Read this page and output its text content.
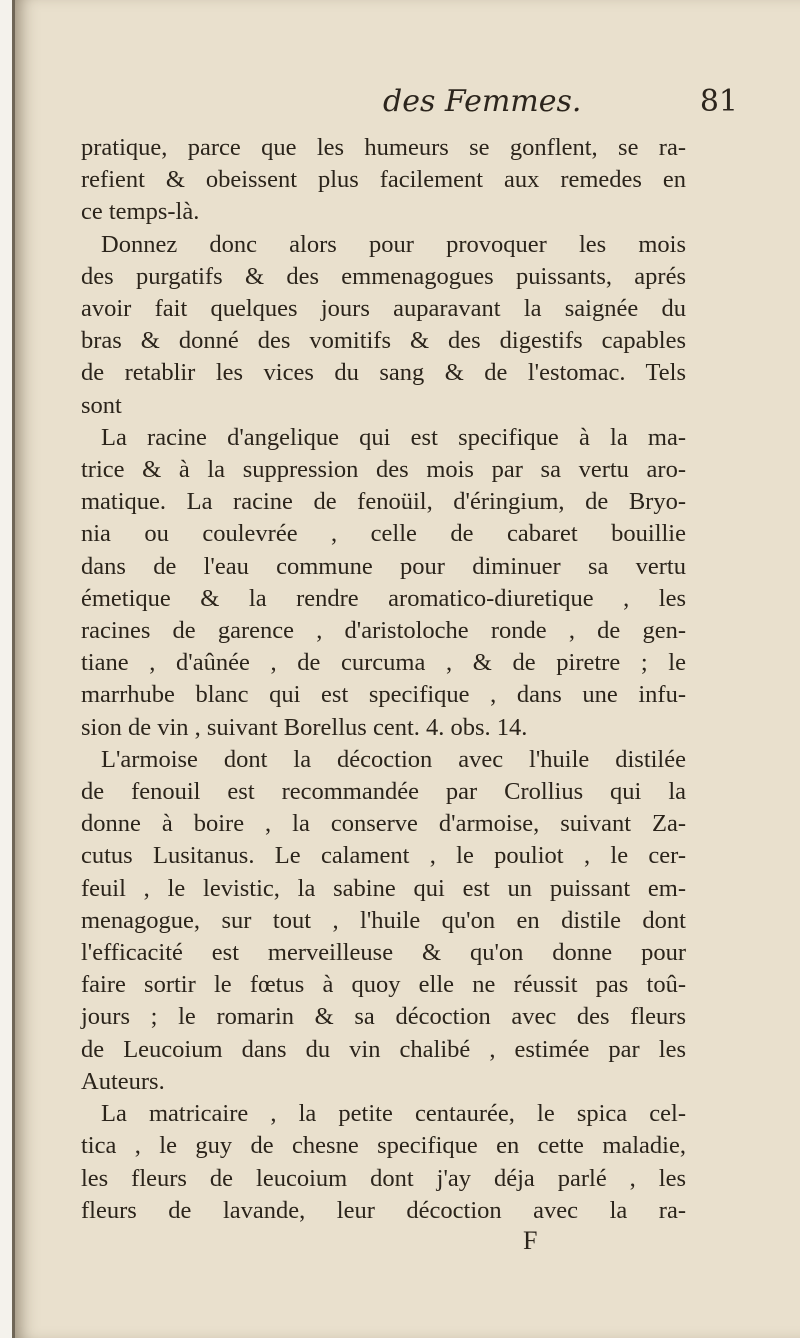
des Femmes.	81
pratique, parce que les humeurs se gonflent, se ra-
refient & obeissent plus facilement aux remedes en
ce temps-là.
Donnez donc alors pour provoquer les mois
des purgatifs & des emmenagogues puissants, aprés
avoir fait quelques jours auparavant la saignée du
bras & donné des vomitifs & des digestifs capables
de retablir les vices du sang & de l'estomac. Tels
sont
La racine d'angelique qui est specifique à la ma-
trice & à la suppression des mois par sa vertu aro-
matique. La racine de fenoüil, d'éringium, de Bryo-
nia ou coulevrée , celle de cabaret bouillie
dans de l'eau commune pour diminuer sa vertu
émetique & la rendre aromatico-diuretique , les
racines de garence , d'aristoloche ronde , de gen-
tiane , d'aûnée , de curcuma , & de piretre ; le
marrhube blanc qui est specifique , dans une infu-
sion de vin , suivant Borellus cent. 4. obs. 14.
L'armoise dont la décoction avec l'huile distilée
de fenouil est recommandée par Crollius qui la
donne à boire , la conserve d'armoise, suivant Za-
cutus Lusitanus. Le calament , le pouliot , le cer-
feuil , le levistic, la sabine qui est un puissant em-
menagogue, sur tout , l'huile qu'on en distile dont
l'efficacité est merveilleuse & qu'on donne pour
faire sortir le fœtus à quoy elle ne réussit pas toû-
jours ; le romarin & sa décoction avec des fleurs
de Leucoium dans du vin chalibé , estimée par les
Auteurs.
La matricaire , la petite centaurée, le spica cel-
tica , le guy de chesne specifique en cette maladie,
les fleurs de leucoium dont j'ay déja parlé , les
fleurs de lavande, leur décoction avec la ra-
F
